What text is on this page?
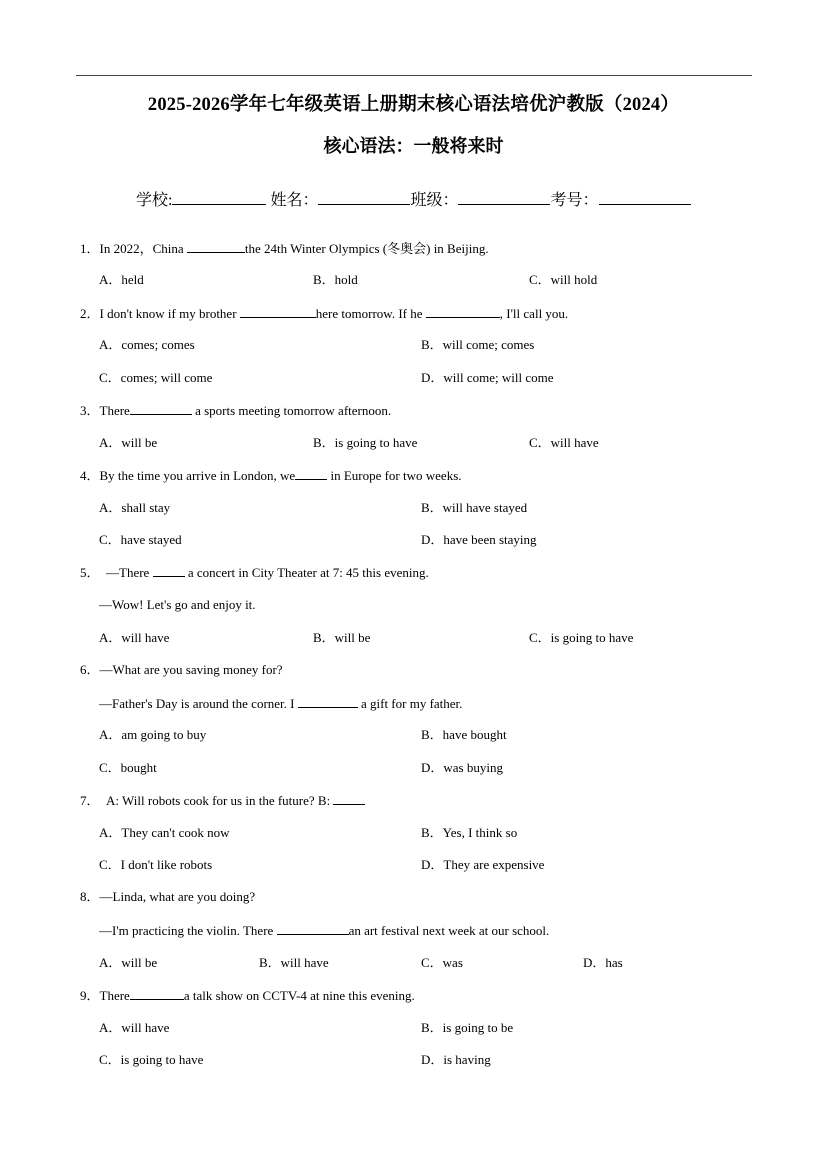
2025-2026学年七年级英语上册期末核心语法培优沪教版（2024）
核心语法：一般将来时
学校:	姓名：	班级：	考号：
1．In 2022，China	the 24th Winter Olympics (冬奥会) in Beijing.
A．held	B．hold	C．will hold
2．I don't know if my brother	here tomorrow. If he	, I'll call you.
A．comes; comes	B．will come; comes
C．comes; will come	D．will come; will come
3．There	a sports meeting tomorrow afternoon.
A．will be	B．is going to have	C．will have
4．By the time you arrive in London, we in Europe for two weeks.
A．shall stay	B．will have stayed
C．have stayed	D．have been staying
5． —There  a concert in City Theater at 7: 45 this evening.
—Wow! Let's go and enjoy it.
A．will have	B．will be	C．is going to have
6．—What are you saving money for?
—Father's Day is around the corner. I	a gift for my father.
A．am going to buy	B．have bought
C．bought	D．was buying
7． A: Will robots cook for us in the future? B:
A．They can't cook now	B．Yes, I think so
C．I don't like robots	D．They are expensive
8．—Linda, what are you doing?
—I'm practicing the violin. There	an art festival next week at our school.
A．will be	B．will have	C．was	D．has
9．There	a talk show on CCTV-4 at nine this evening.
A．will have	B．is going to be
C．is going to have	D．is having
